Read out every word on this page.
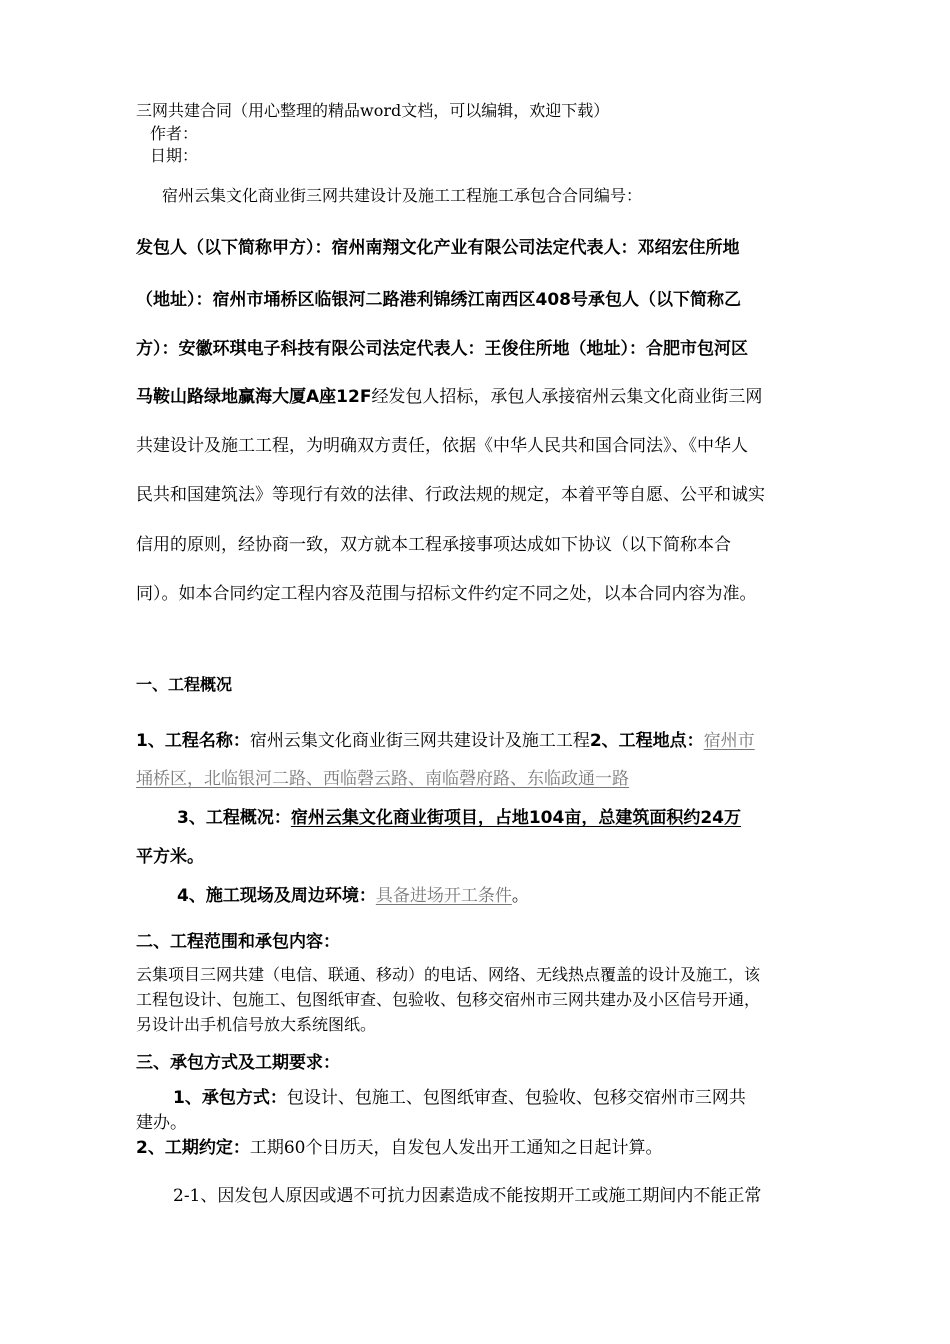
三网共建合同（用心整理的精品word文档，可以编辑，欢迎下载）
作者：
日期：
宿州云集文化商业街三网共建设计及施工工程施工承包合合同编号：
发包人（以下简称甲方）：宿州南翔文化产业有限公司法定代表人：邓绍宏住所地
（地址）：宿州市埇桥区临银河二路港利锦绣江南西区408号承包人（以下简称乙
方）：安徽环琪电子科技有限公司法定代表人：王俊住所地（地址）：合肥市包河区
马鞍山路绿地赢海大厦A座12F经发包人招标，承包人承接宿州云集文化商业街三网
共建设计及施工工程，为明确双方责任，依据《中华人民共和国合同法》、《中华人
民共和国建筑法》等现行有效的法律、行政法规的规定，本着平等自愿、公平和诚实
信用的原则，经协商一致，双方就本工程承接事项达成如下协议（以下简称本合
同）。如本合同约定工程内容及范围与招标文件约定不同之处，以本合同内容为准。
一、工程概况
1、工程名称：宿州云集文化商业街三网共建设计及施工工程2、工程地点：宿州市
埇桥区，北临银河二路、西临磬云路、南临磬府路、东临政通一路
3、工程概况：宿州云集文化商业街项目，占地104亩，总建筑面积约24万
平方米。
4、施工现场及周边环境：具备进场开工条件。
二、工程范围和承包内容：
云集项目三网共建（电信、联通、移动）的电话、网络、无线热点覆盖的设计及施工，该
工程包设计、包施工、包图纸审查、包验收、包移交宿州市三网共建办及小区信号开通，
另设计出手机信号放大系统图纸。
三、承包方式及工期要求：
1、承包方式：包设计、包施工、包图纸审查、包验收、包移交宿州市三网共
建办。
2、工期约定：工期60个日历天，自发包人发出开工通知之日起计算。
2-1、因发包人原因或遇不可抗力因素造成不能按期开工或施工期间内不能正常
